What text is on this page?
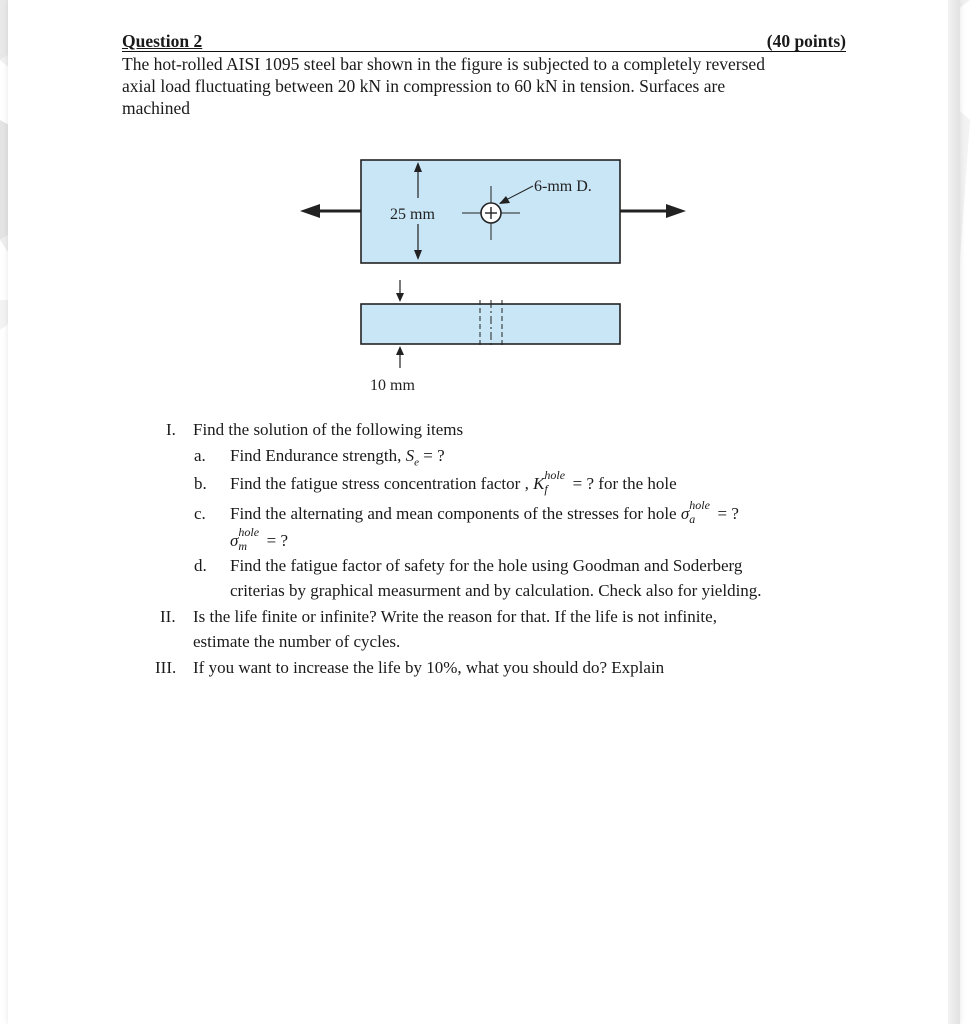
Question 2	(40 points)
The hot-rolled AISI 1095 steel bar shown in the figure is subjected to a completely reversed
axial load fluctuating between 20 kN in compression to 60 kN in tension. Surfaces are
machined
25 mm
6-mm D.
10 mm
I. Find the solution of the following items
a. Find Endurance strength, $S_e$ = ?
b. Find the fatigue stress concentration factor , K hole
f = ? for the hole
c. Find the alternating and mean components of the stresses for hole σ hole
a = ?
σ hole
m = ?
d. Find the fatigue factor of safety for the hole using Goodman and Soderberg
criterias by graphical measurment and by calculation. Check also for yielding.
II. Is the life finite or infinite? Write the reason for that. If the life is not infinite,
estimate the number of cycles.
III. If you want to increase the life by 10%, what you should do? Explain
